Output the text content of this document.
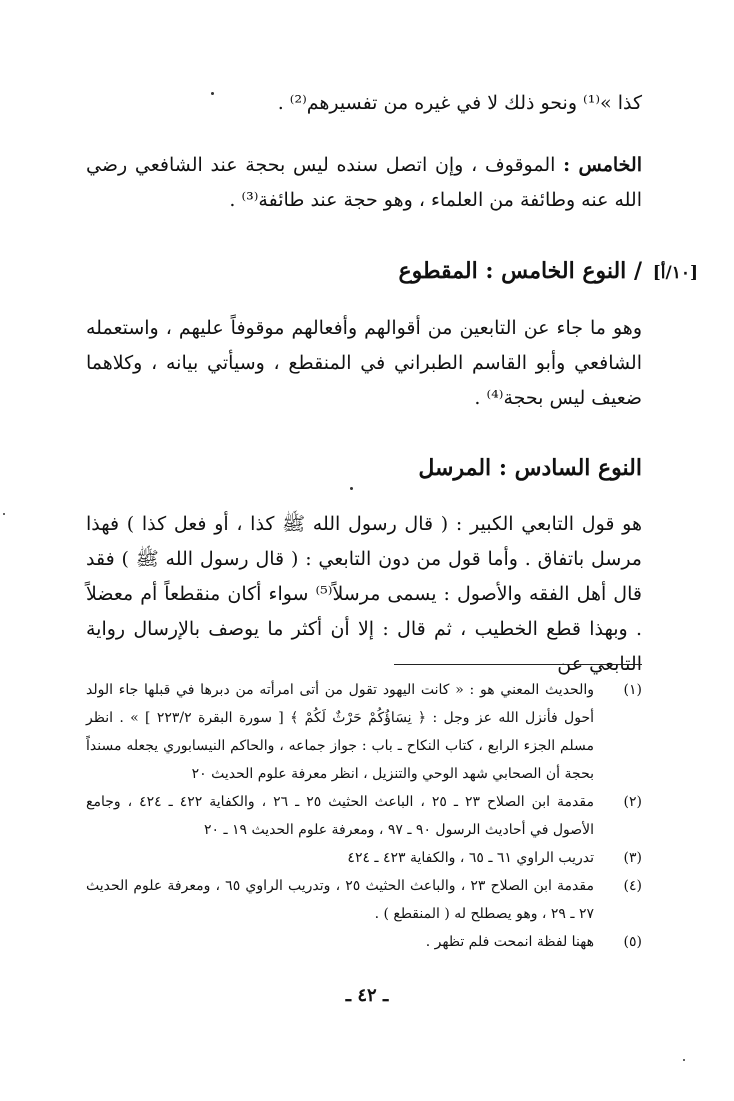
كذا »⁽¹⁾ ونحو ذلك لا في غيره من تفسيرهم⁽²⁾ .

الخامس : الموقوف ، وإن اتصل سنده ليس بحجة عند الشافعي رضي الله عنه وطائفة من العلماء ، وهو حجة عند طائفة⁽³⁾ .

وهو ما جاء عن التابعين من أقوالهم وأفعالهم موقوفاً عليهم ، واستعمله الشافعي وأبو القاسم الطبراني في المنقطع ، وسيأتي بيانه ، وكلاهما ضعيف ليس بحجة⁽⁴⁾ .

هو قول التابعي الكبير : ( قال رسول الله ﷺ كذا ، أو فعل كذا ) فهذا مرسل باتفاق . وأما قول من دون التابعي : ( قال رسول الله ﷺ ) فقد قال أهل الفقه والأصول : يسمى مرسلاً⁽⁵⁾ سواء أكان منقطعاً أم معضلاً . وبهذا قطع الخطيب ، ثم قال : إلا أن أكثر ما يوصف بالإرسال رواية التابعي عن

/ النوع الخامس : المقطوع [١٠/أ]
النوع السادس : المرسل
(١)
والحديث المعني هو : « كانت اليهود تقول من أتى امرأته من دبرها في قبلها جاء الولد أحول فأنزل الله عز وجل : ﴿ نِسَاؤُكُمْ حَرْثٌ لَكُمْ ﴾ [ سورة البقرة ٢٢٣/٢ ] » . انظر مسلم الجزء الرابع ، كتاب النكاح ـ باب : جواز جماعه ، والحاكم النيسابوري يجعله مسنداً بحجة أن الصحابي شهد الوحي والتنزيل ، انظر معرفة علوم الحديث ٢٠
(٢)
مقدمة ابن الصلاح ٢٣ ـ ٢٥ ، الباعث الحثيث ٢٥ ـ ٢٦ ، والكفاية ٤٢٢ ـ ٤٢٤ ، وجامع الأصول في أحاديث الرسول ٩٠ ـ ٩٧ ، ومعرفة علوم الحديث ١٩ ـ ٢٠
(٣)
تدريب الراوي ٦١ ـ ٦٥ ، والكفاية ٤٢٣ ـ ٤٢٤
(٤)
مقدمة ابن الصلاح ٢٣ ، والباعث الحثيث ٢٥ ، وتدريب الراوي ٦٥ ، ومعرفة علوم الحديث ٢٧ ـ ٢٩ ، وهو يصطلح له ( المنقطع ) .
(٥)
ههنا لفظة انمحت فلم تظهر .
ـ ٤٢ ـ
